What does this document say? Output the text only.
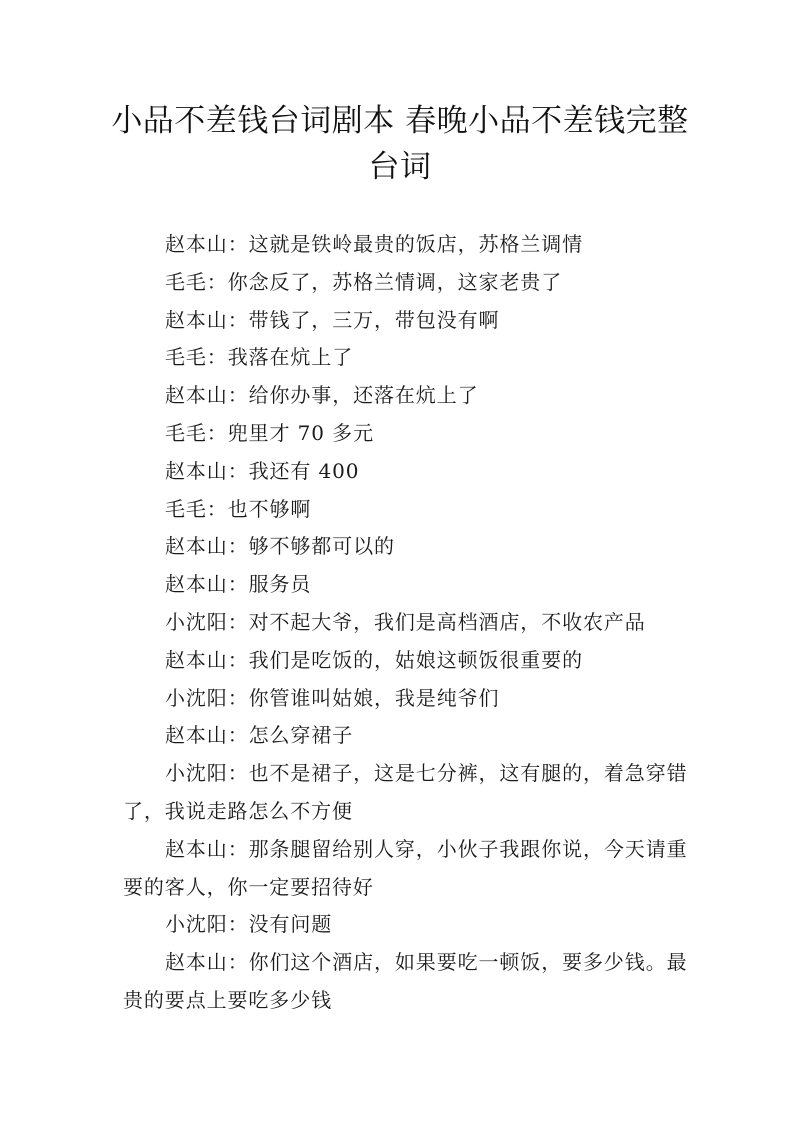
小品不差钱台词剧本 春晚小品不差钱完整台词

赵本山：这就是铁岭最贵的饭店，苏格兰调情

毛毛：你念反了，苏格兰情调，这家老贵了

赵本山：带钱了，三万，带包没有啊

毛毛：我落在炕上了

赵本山：给你办事，还落在炕上了

毛毛：兜里才 70 多元

赵本山：我还有 400

毛毛：也不够啊

赵本山：够不够都可以的

赵本山：服务员

小沈阳：对不起大爷，我们是高档酒店，不收农产品

赵本山：我们是吃饭的，姑娘这顿饭很重要的

小沈阳：你管谁叫姑娘，我是纯爷们

赵本山：怎么穿裙子

小沈阳：也不是裙子，这是七分裤，这有腿的，着急穿错了，我说走路怎么不方便

赵本山：那条腿留给别人穿，小伙子我跟你说，今天请重要的客人，你一定要招待好

小沈阳：没有问题

赵本山：你们这个酒店，如果要吃一顿饭，要多少钱。最贵的要点上要吃多少钱
